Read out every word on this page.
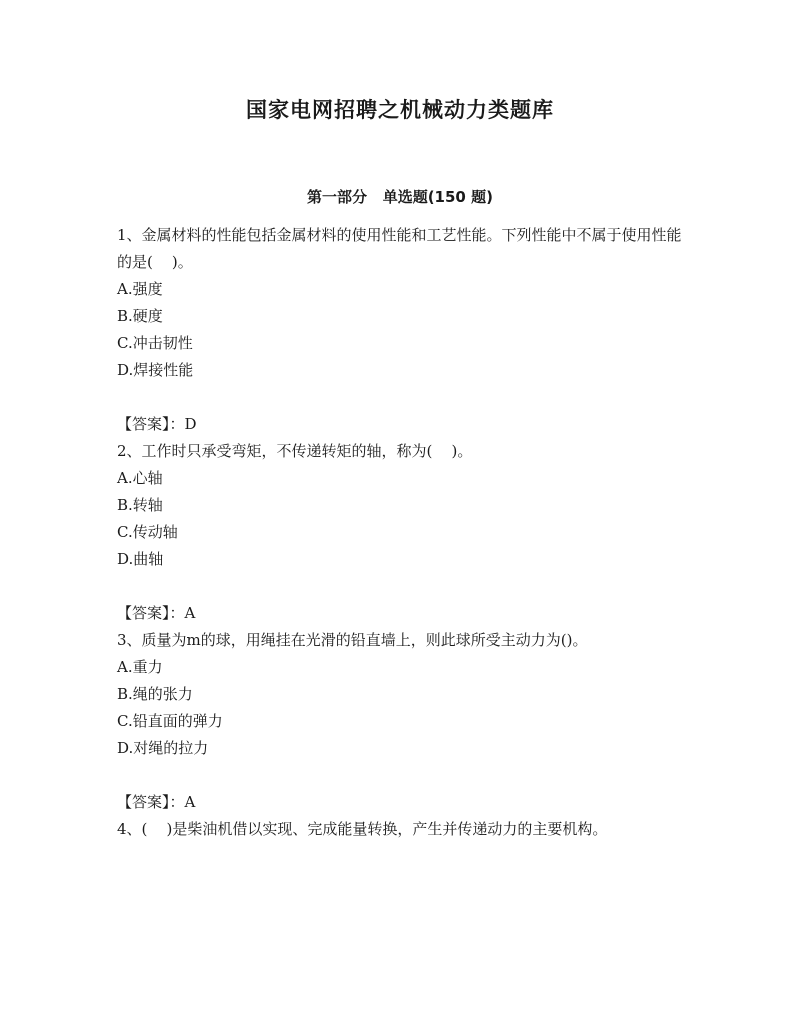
国家电网招聘之机械动力类题库
第一部分   单选题(150 题)

1、金属材料的性能包括金属材料的使用性能和工艺性能。下列性能中不属于使用性能的是(    )。

A.强度
B.硬度
C.冲击韧性
D.焊接性能

【答案】：D

2、工作时只承受弯矩，不传递转矩的轴，称为(    )。

A.心轴
B.转轴
C.传动轴
D.曲轴

【答案】：A

3、质量为m的球，用绳挂在光滑的铅直墙上，则此球所受主动力为()。

A.重力
B.绳的张力
C.铅直面的弹力
D.对绳的拉力

【答案】：A

4、(    )是柴油机借以实现、完成能量转换，产生并传递动力的主要机构。
